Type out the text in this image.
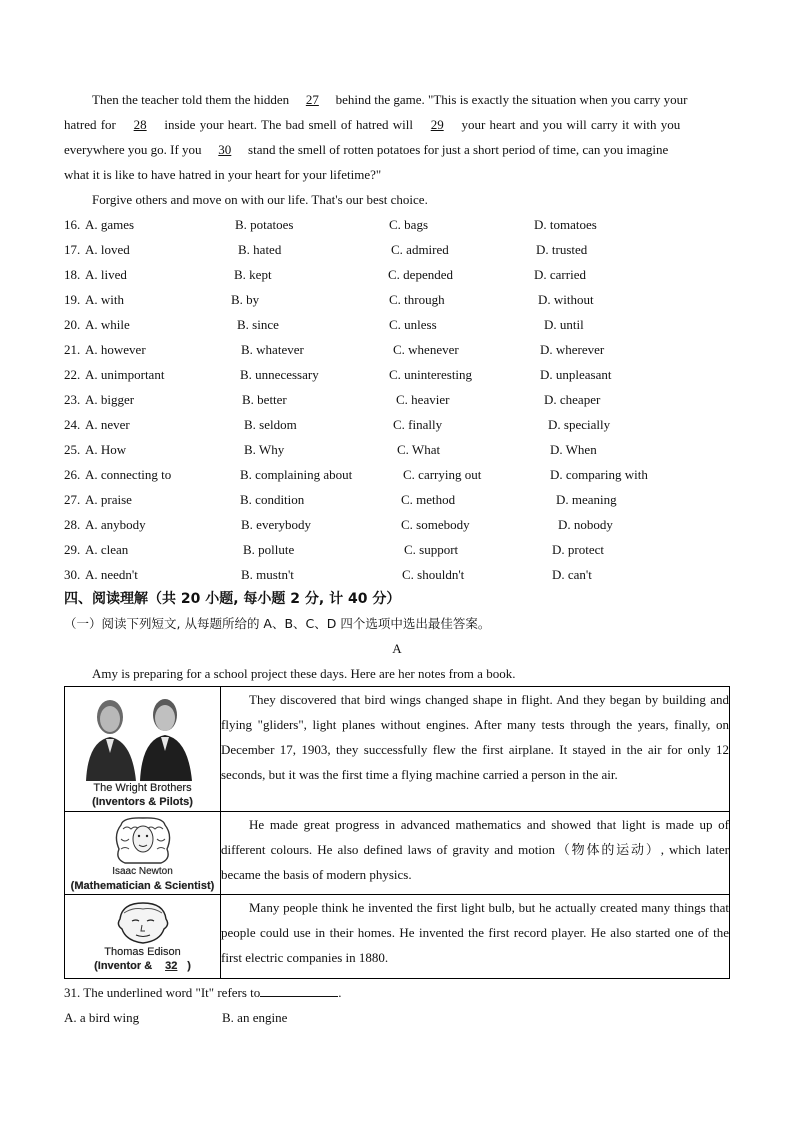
Then the teacher told them the hidden 27 behind the game. "This is exactly the situation when you carry your
hatred for 28 inside your heart. The bad smell of hatred will 29 your heart and you will carry it with you
everywhere you go. If you 30 stand the smell of rotten potatoes for just a short period of time, can you imagine
what it is like to have hatred in your heart for your lifetime?"
Forgive others and move on with our life. That's our best choice.
16. A. games	B. potatoes	C. bags	D. tomatoes
17. A. loved	B. hated	C. admired	D. trusted
18. A. lived	B. kept	C. depended	D. carried
19. A. with	B. by	C. through	D. without
20. A. while	B. since	C. unless	D. until
21. A. however	B. whatever	C. whenever	D. wherever
22. A. unimportant	B. unnecessary	C. uninteresting	D. unpleasant
23. A. bigger	B. better	C. heavier	D. cheaper
24. A. never	B. seldom	C. finally	D. specially
25. A. How	B. Why	C. What	D. When
26. A. connecting to	B. complaining about	C. carrying out	D. comparing with
27. A. praise	B. condition	C. method	D. meaning
28. A. anybody	B. everybody	C. somebody	D. nobody
29. A. clean	B. pollute	C. support	D. protect
30. A. needn't	B. mustn't	C. shouldn't	D. can't
四、阅读理解（共 20 小题, 每小题 2 分, 计 40 分）
（一）阅读下列短文, 从每题所给的 A、B、C、D 四个选项中选出最佳答案。
A
Amy is preparing for a school project these days. Here are her notes from a book.
The Wright Brothers
(Inventors & Pilots)	They discovered that bird wings changed shape in flight. And they began by building and flying "gliders", light planes without engines. After many tests through the years, finally, on December 17, 1903, they successfully flew the first airplane. It stayed in the air for only 12 seconds, but it was the first time a flying machine carried a person in the air.

Isaac Newton
(Mathematician & Scientist)	He made great progress in advanced mathematics and showed that light is made up of different colours. He also defined laws of gravity and motion（物体的运动）, which later became the basis of modern physics.

Thomas Edison
(Inventor & 32 )	Many people think he invented the first light bulb, but he actually created many things that people could use in their homes. He invented the first record player. He also started one of the first electric companies in 1880.
31. The underlined word "It" refers to	.
A. a bird wing	B. an engine
